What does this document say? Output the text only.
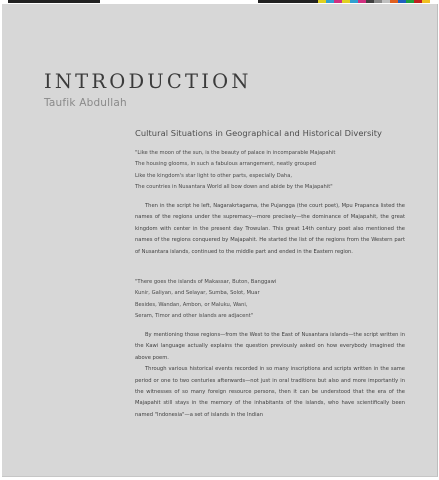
INTRODUCTION
Taufik Abdullah
Cultural Situations in Geographical and Historical Diversity
"Like the moon of the sun, is the beauty of palace in incomparable Majapahit
The housing glooms, in such a fabulous arrangement, neatly grouped
Like the kingdom's star light to other parts, especially Daha,
The countries in Nusantara World all bow down and abide by the Majapahit"

Then in the script he left, Nagarakrtagama, the Pujangga (the court poet), Mpu Prapanca listed the names of the regions under the supremacy—more precisely—the dominance of Majapahit, the great kingdom with center in the present day Trowulan. This great 14th century poet also mentioned the names of the regions conquered by Majapahit. He started the list of the regions from the Western part of Nusantara islands, continued to the middle part and ended in the Eastern region.

"There goes the islands of Makassar, Buton, Banggawi
Kunir, Galiyan, and Selayar, Sumba, Solot, Muar
Besides, Wandan, Ambon, or Maluku, Wani,
Seram, Timor and other islands are adjacent"

By mentioning those regions—from the West to the East of Nusantara islands—the script written in the Kawi language actually explains the question previously asked on how everybody imagined the above poem.

Through various historical events recorded in so many inscriptions and scripts written in the same period or one to two centuries afterwards—not just in oral traditions but also and more importantly in the witnesses of so many foreign resource persons, then it can be understood that the era of the Majapahit still stays in the memory of the inhabitants of the islands, who have scientifically been named "Indonesia"—a set of islands in the Indian
